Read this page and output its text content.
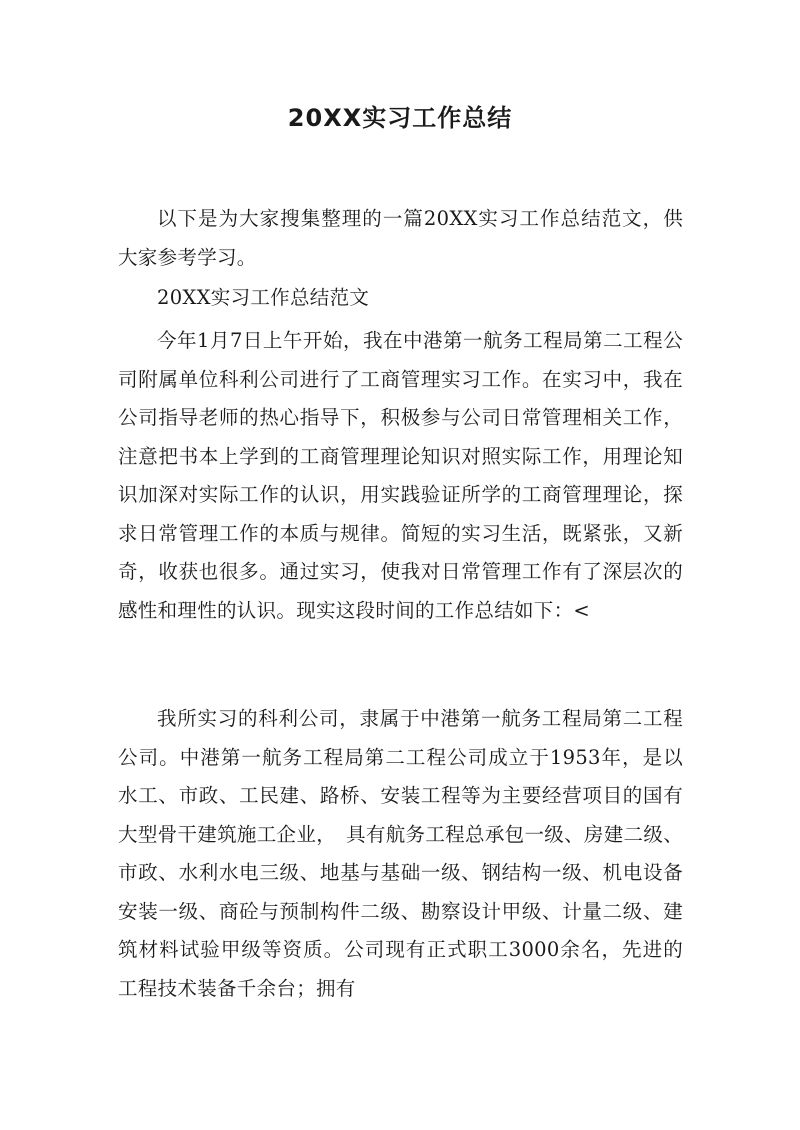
20XX实习工作总结

以下是为大家搜集整理的一篇20XX实习工作总结范文，供大家参考学习。

20XX实习工作总结范文

今年1月7日上午开始，我在中港第一航务工程局第二工程公司附属单位科利公司进行了工商管理实习工作。在实习中，我在公司指导老师的热心指导下，积极参与公司日常管理相关工作，注意把书本上学到的工商管理理论知识对照实际工作，用理论知识加深对实际工作的认识，用实践验证所学的工商管理理论，探求日常管理工作的本质与规律。简短的实习生活，既紧张，又新奇，收获也很多。通过实习，使我对日常管理工作有了深层次的感性和理性的认识。现实这段时间的工作总结如下：<

我所实习的科利公司，隶属于中港第一航务工程局第二工程公司。中港第一航务工程局第二工程公司成立于1953年，是以水工、市政、工民建、路桥、安装工程等为主要经营项目的国有大型骨干建筑施工企业，　具有航务工程总承包一级、房建二级、市政、水利水电三级、地基与基础一级、钢结构一级、机电设备安装一级、商砼与预制构件二级、勘察设计甲级、计量二级、建筑材料试验甲级等资质。公司现有正式职工3000余名，先进的工程技术装备千余台；拥有
